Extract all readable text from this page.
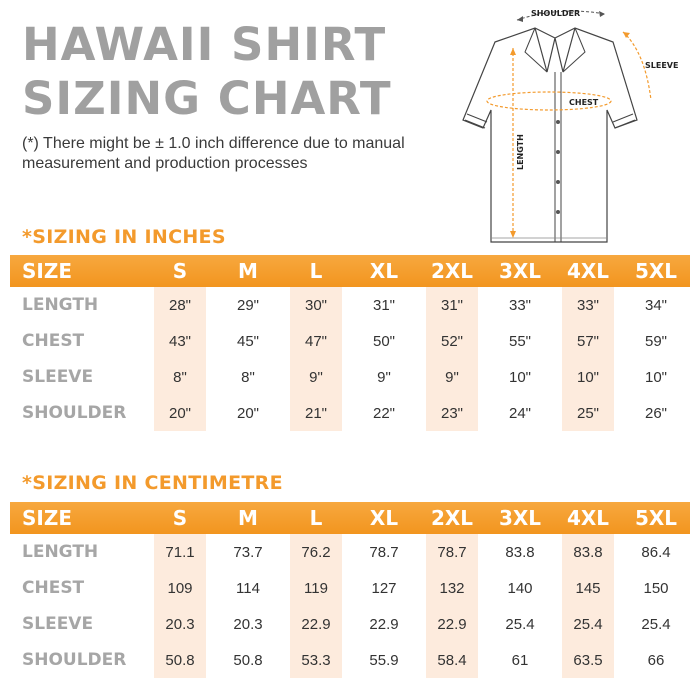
HAWAII SHIRT
SIZING CHART
(*) There might be ± 1.0 inch difference due to manual measurement and production processes
SHOULDER
SLEEVE
CHEST
LENGTH
*SIZING IN INCHES
SIZE	S	M	L	XL	2XL	3XL	4XL	5XL
LENGTH	28"	29"	30"	31"	31"	33"	33"	34"
CHEST	43"	45"	47"	50"	52"	55"	57"	59"
SLEEVE	8"	8"	9"	9"	9"	10"	10"	10"
SHOULDER	20"	20"	21"	22"	23"	24"	25"	26"
*SIZING IN CENTIMETRE
SIZE	S	M	L	XL	2XL	3XL	4XL	5XL
LENGTH	71.1	73.7	76.2	78.7	78.7	83.8	83.8	86.4
CHEST	109	114	119	127	132	140	145	150
SLEEVE	20.3	20.3	22.9	22.9	22.9	25.4	25.4	25.4
SHOULDER	50.8	50.8	53.3	55.9	58.4	61	63.5	66
